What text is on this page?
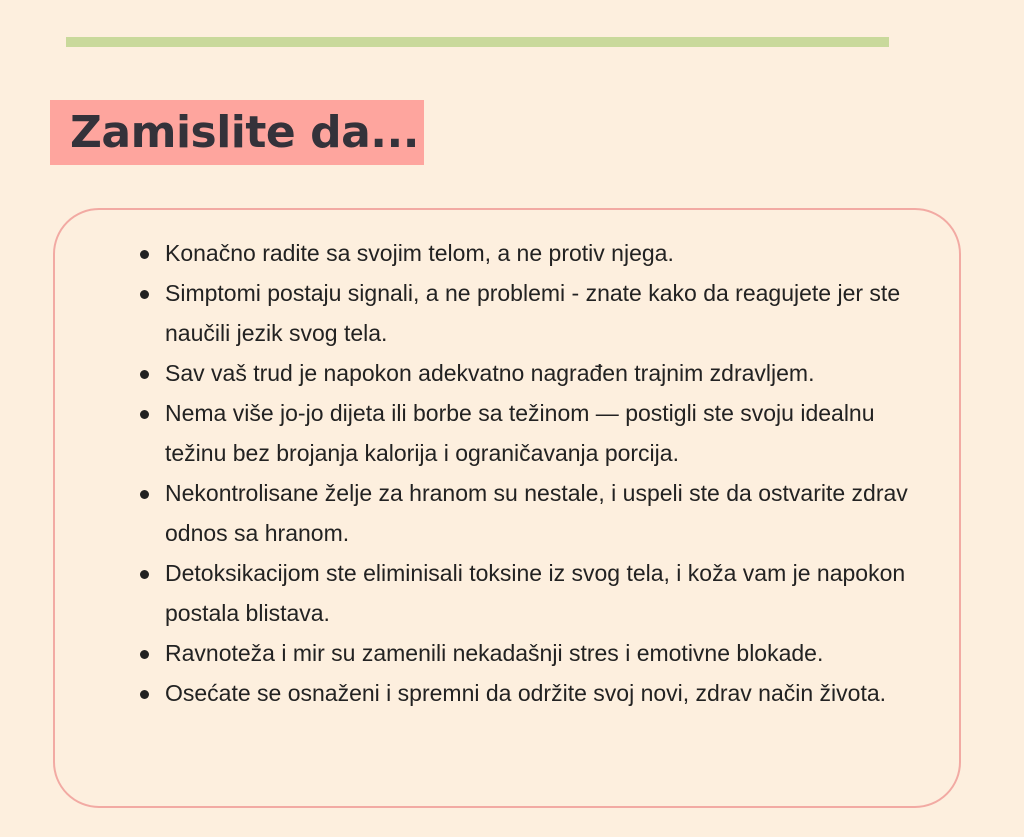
Zamislite da...
Konačno radite sa svojim telom, a ne protiv njega.
Simptomi postaju signali, a ne problemi - znate kako da reagujete jer ste naučili jezik svog tela.
Sav vaš trud je napokon adekvatno nagrađen trajnim zdravljem.
Nema više jo-jo dijeta ili borbe sa težinom — postigli ste svoju idealnu težinu bez brojanja kalorija i ograničavanja porcija.
Nekontrolisane želje za hranom su nestale, i uspeli ste da ostvarite zdrav odnos sa hranom.
Detoksikacijom ste eliminisali toksine iz svog tela, i koža vam je napokon postala blistava.
Ravnoteža i mir su zamenili nekadašnji stres i emotivne blokade.
Osećate se osnaženi i spremni da održite svoj novi, zdrav način života.
